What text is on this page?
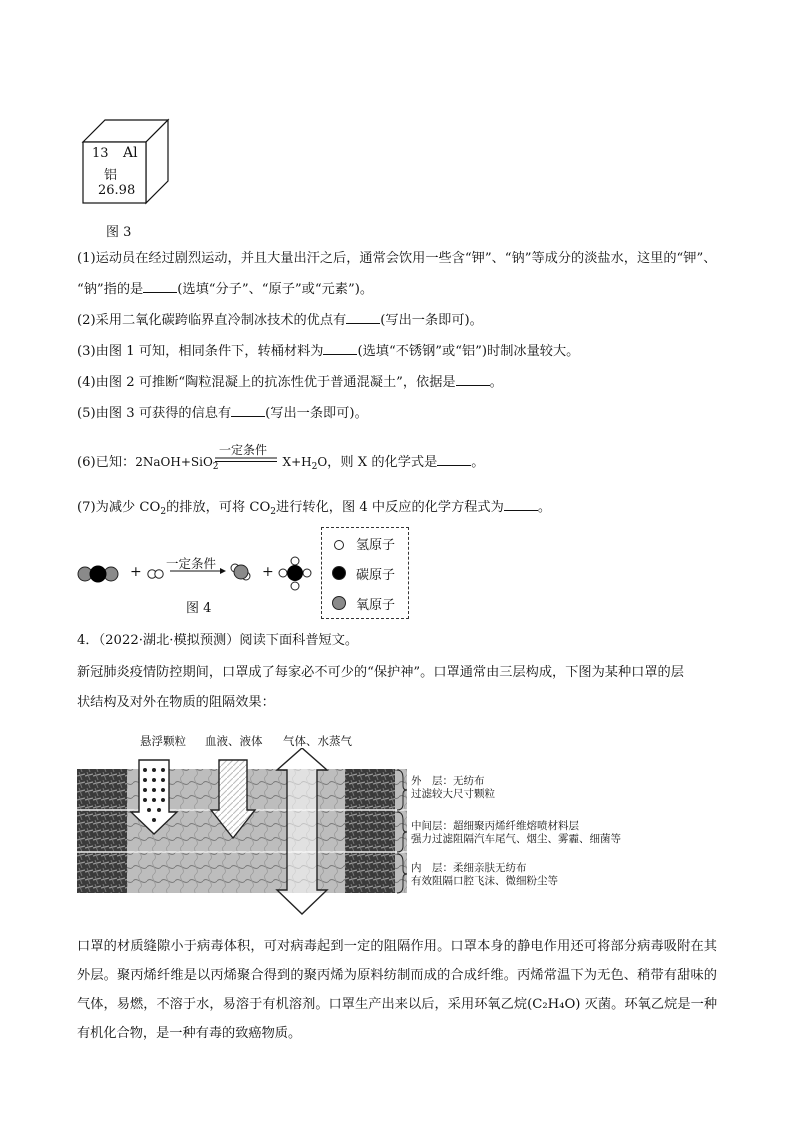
13 Al
铝
26.98
图 3
(1)运动员在经过剧烈运动，并且大量出汗之后，通常会饮用一些含“钾”、“钠”等成分的淡盐水，这里的“钾”、
“钠”指的是	(选填“分子”、“原子”或“元素”)。
(2)采用二氧化碳跨临界直冷制冰技术的优点有	(写出一条即可)。
(3)由图 1 可知，相同条件下，转桶材料为	(选填“不锈钢”或“铝”)时制冰量较大。
(4)由图 2 可推断“陶粒混凝上的抗冻性优于普通混凝土”，依据是	。
(5)由图 3 可获得的信息有	(写出一条即可)。
(6)已知：2NaOH+SiO$_2$	$X+H_2O$，则 X 的化学式是	。
一定条件
(7)为减少 $CO_2$的排放，可将 $CO_2$进行转化，图 4 中反应的化学方程式为	。
+	+
一定条件
图 4
氢原子
碳原子
氧原子
4．（2022·湖北·模拟预测）阅读下面科普短文。
新冠肺炎疫情防控期间，口罩成了每家必不可少的“保护神”。口罩通常由三层构成，下图为某种口罩的层
状结构及对外在物质的阻隔效果：
悬浮颗粒 血液、液体 气体、水蒸气
外　层：无纺布
过滤较大尺寸颗粒
中间层：超细聚丙烯纤维熔喷材料层
强力过滤阻隔汽车尾气、烟尘、雾霾、细菌等
内　层：柔细亲肤无纺布
有效阻隔口腔飞沫、微细粉尘等
口罩的材质缝隙小于病毒体积，可对病毒起到一定的阻隔作用。口罩本身的静电作用还可将部分病毒吸附在其外层。聚丙烯纤维是以丙烯聚合得到的聚丙烯为原料纺制而成的合成纤维。丙烯常温下为无色、稍带有甜味的气体，易燃，不溶于水，易溶于有机溶剂。口罩生产出来以后，采用环氧乙烷(C₂H₄O) 灭菌。环氧乙烷是一种有机化合物，是一种有毒的致癌物质。
